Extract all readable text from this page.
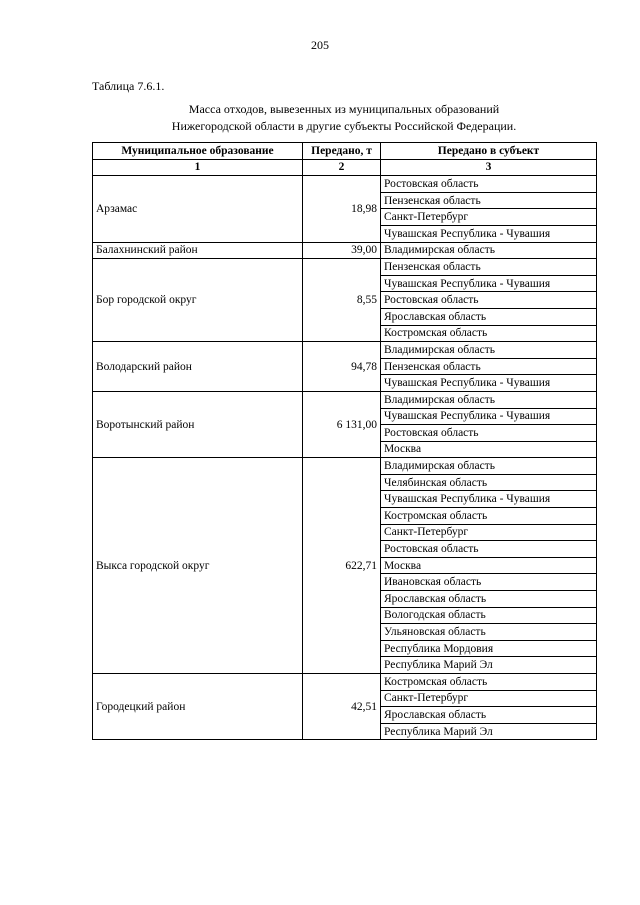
205
Таблица 7.6.1.
Масса отходов, вывезенных из муниципальных образований
Нижегородской области в другие субъекты Российской Федерации.
Муниципальное образование	Передано, т	Передано в субъект
1	2	3
Арзамас	18,98	Ростовская область
		Пензенская область
		Санкт-Петербург
		Чувашская Республика - Чувашия
Балахнинский район	39,00	Владимирская область
Бор городской округ	8,55	Пензенская область
		Чувашская Республика - Чувашия
		Ростовская область
		Ярославская область
		Костромская область
Володарский район	94,78	Владимирская область
		Пензенская область
		Чувашская Республика - Чувашия
Воротынский район	6 131,00	Владимирская область
		Чувашская Республика - Чувашия
		Ростовская область
		Москва
Выкса городской округ	622,71	Владимирская область
		Челябинская область
		Чувашская Республика - Чувашия
		Костромская область
		Санкт-Петербург
		Ростовская область
		Москва
		Ивановская область
		Ярославская область
		Вологодская область
		Ульяновская область
		Республика Мордовия
		Республика Марий Эл
Городецкий район	42,51	Костромская область
		Санкт-Петербург
		Ярославская область
		Республика Марий Эл
